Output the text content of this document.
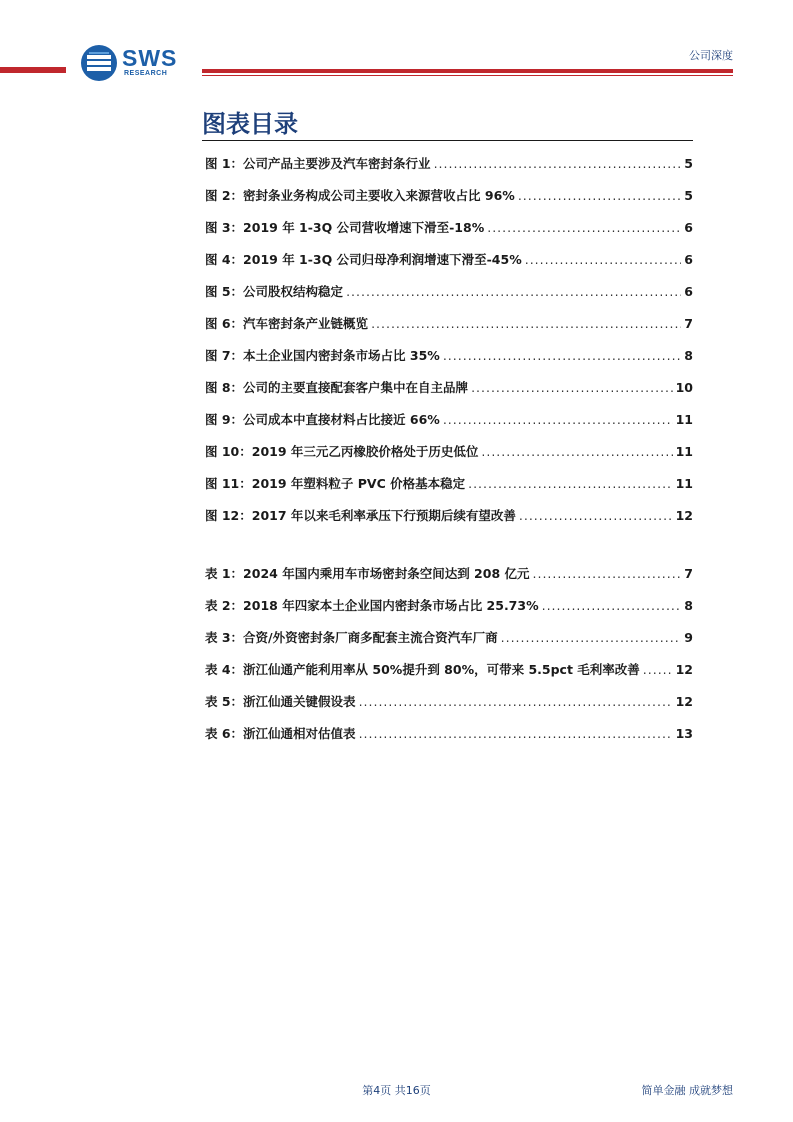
SWS
RESEARCH
公司深度
图表目录
图 1：公司产品主要涉及汽车密封条行业 .....	5
图 2：密封条业务构成公司主要收入来源营收占比 96% .....	5
图 3：2019 年 1-3Q 公司营收增速下滑至-18% .....	6
图 4：2019 年 1-3Q 公司归母净利润增速下滑至-45% .....	6
图 5：公司股权结构稳定 .....	6
图 6：汽车密封条产业链概览 .....	7
图 7：本土企业国内密封条市场占比 35% .....	8
图 8：公司的主要直接配套客户集中在自主品牌 .....	10
图 9：公司成本中直接材料占比接近 66% .....	11
图 10：2019 年三元乙丙橡胶价格处于历史低位 .....	11
图 11：2019 年塑料粒子 PVC 价格基本稳定 .....	11
图 12：2017 年以来毛利率承压下行预期后续有望改善 .....	12
表 1：2024 年国内乘用车市场密封条空间达到 208 亿元 .....	7
表 2：2018 年四家本土企业国内密封条市场占比 25.73% .....	8
表 3：合资/外资密封条厂商多配套主流合资汽车厂商 .....	9
表 4：浙江仙通产能利用率从 50%提升到 80%，可带来 5.5pct 毛利率改善 .....	12
表 5：浙江仙通关键假设表 .....	12
表 6：浙江仙通相对估值表 .....	13
第4页 共16页	简单金融 成就梦想
